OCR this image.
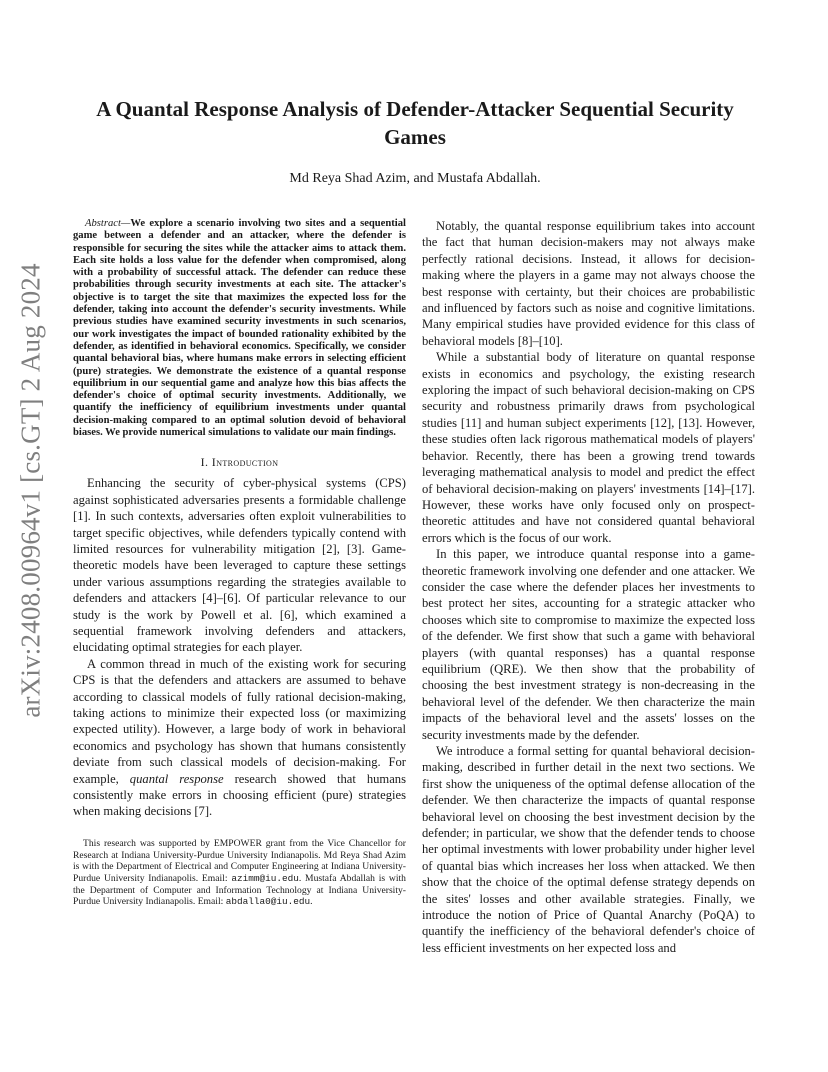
arXiv:2408.00964v1 [cs.GT] 2 Aug 2024
A Quantal Response Analysis of Defender-Attacker Sequential Security Games

Md Reya Shad Azim, and Mustafa Abdallah.

Abstract—We explore a scenario involving two sites and a sequential game between a defender and an attacker, where the defender is responsible for securing the sites while the attacker aims to attack them. Each site holds a loss value for the defender when compromised, along with a probability of successful attack. The defender can reduce these probabilities through security investments at each site. The attacker's objective is to target the site that maximizes the expected loss for the defender, taking into account the defender's security investments. While previous studies have examined security investments in such scenarios, our work investigates the impact of bounded rationality exhibited by the defender, as identified in behavioral economics. Specifically, we consider quantal behavioral bias, where humans make errors in selecting efficient (pure) strategies. We demonstrate the existence of a quantal response equilibrium in our sequential game and analyze how this bias affects the defender's choice of optimal security investments. Additionally, we quantify the inefficiency of equilibrium investments under quantal decision-making compared to an optimal solution devoid of behavioral biases. We provide numerical simulations to validate our main findings.

I. Introduction

Enhancing the security of cyber-physical systems (CPS) against sophisticated adversaries presents a formidable challenge [1]. In such contexts, adversaries often exploit vulnerabilities to target specific objectives, while defenders typically contend with limited resources for vulnerability mitigation [2], [3]. Game-theoretic models have been leveraged to capture these settings under various assumptions regarding the strategies available to defenders and attackers [4]–[6]. Of particular relevance to our study is the work by Powell et al. [6], which examined a sequential framework involving defenders and attackers, elucidating optimal strategies for each player.

A common thread in much of the existing work for securing CPS is that the defenders and attackers are assumed to behave according to classical models of fully rational decision-making, taking actions to minimize their expected loss (or maximizing expected utility). However, a large body of work in behavioral economics and psychology has shown that humans consistently deviate from such classical models of decision-making. For example, quantal response research showed that humans consistently make errors in choosing efficient (pure) strategies when making decisions [7].

This research was supported by EMPOWER grant from the Vice Chancellor for Research at Indiana University-Purdue University Indianapolis. Md Reya Shad Azim is with the Department of Electrical and Computer Engineering at Indiana University-Purdue University Indianapolis. Email: azimm@iu.edu. Mustafa Abdallah is with the Department of Computer and Information Technology at Indiana University-Purdue University Indianapolis. Email: abdalla0@iu.edu.

Notably, the quantal response equilibrium takes into account the fact that human decision-makers may not always make perfectly rational decisions. Instead, it allows for decision-making where the players in a game may not always choose the best response with certainty, but their choices are probabilistic and influenced by factors such as noise and cognitive limitations. Many empirical studies have provided evidence for this class of behavioral models [8]–[10].

While a substantial body of literature on quantal response exists in economics and psychology, the existing research exploring the impact of such behavioral decision-making on CPS security and robustness primarily draws from psychological studies [11] and human subject experiments [12], [13]. However, these studies often lack rigorous mathematical models of players' behavior. Recently, there has been a growing trend towards leveraging mathematical analysis to model and predict the effect of behavioral decision-making on players' investments [14]–[17]. However, these works have only focused only on prospect-theoretic attitudes and have not considered quantal behavioral errors which is the focus of our work.

In this paper, we introduce quantal response into a game-theoretic framework involving one defender and one attacker. We consider the case where the defender places her investments to best protect her sites, accounting for a strategic attacker who chooses which site to compromise to maximize the expected loss of the defender. We first show that such a game with behavioral players (with quantal responses) has a quantal response equilibrium (QRE). We then show that the probability of choosing the best investment strategy is non-decreasing in the behavioral level of the defender. We then characterize the main impacts of the behavioral level and the assets' losses on the security investments made by the defender.

We introduce a formal setting for quantal behavioral decision-making, described in further detail in the next two sections. We first show the uniqueness of the optimal defense allocation of the defender. We then characterize the impacts of quantal response behavioral level on choosing the best investment decision by the defender; in particular, we show that the defender tends to choose her optimal investments with lower probability under higher level of quantal bias which increases her loss when attacked. We then show that the choice of the optimal defense strategy depends on the sites' losses and other available strategies. Finally, we introduce the notion of Price of Quantal Anarchy (PoQA) to quantify the inefficiency of the behavioral defender's choice of less efficient investments on her expected loss and
